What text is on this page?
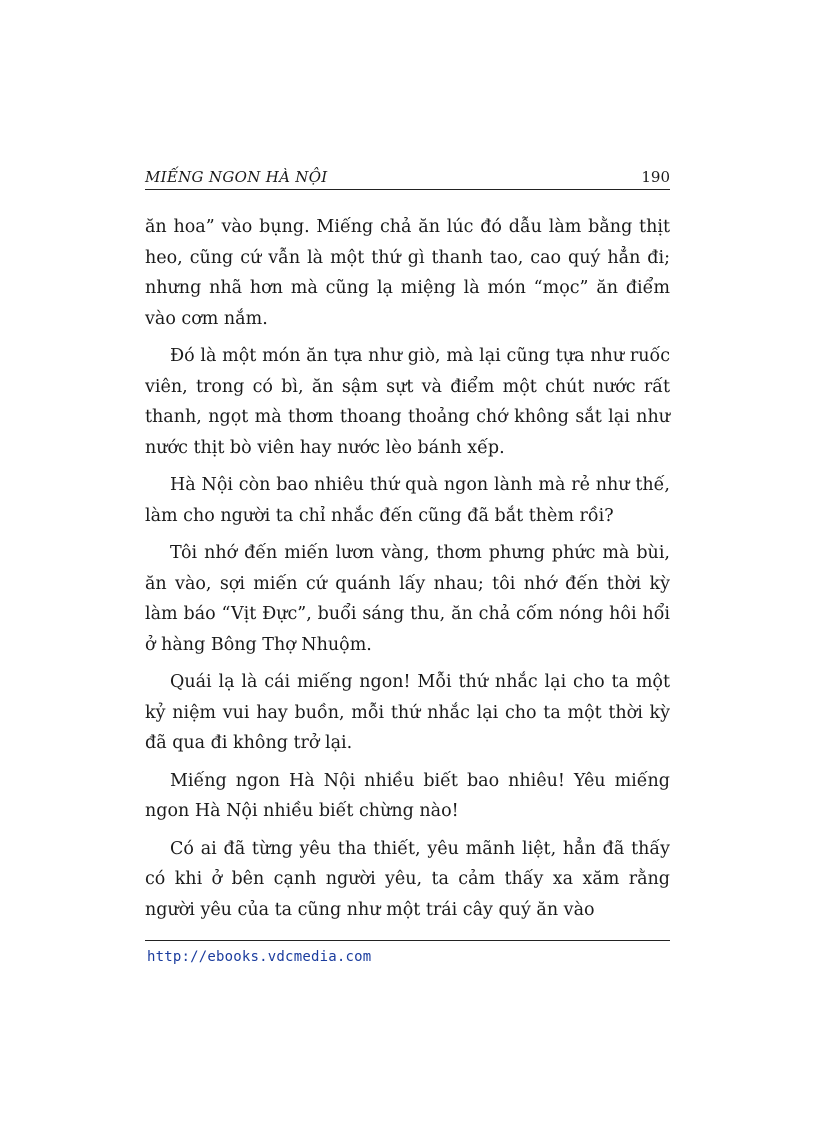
MIẾNG NGON HÀ NỘI	190

ăn hoa” vào bụng. Miếng chả ăn lúc đó dẫu làm bằng thịt heo, cũng cứ vẫn là một thứ gì thanh tao, cao quý hẳn đi; nhưng nhã hơn mà cũng lạ miệng là món “mọc” ăn điểm vào cơm nắm.

Đó là một món ăn tựa như giò, mà lại cũng tựa như ruốc viên, trong có bì, ăn sậm sựt và điểm một chút nước rất thanh, ngọt mà thơm thoang thoảng chớ không sắt lại như nước thịt bò viên hay nước lèo bánh xếp.

Hà Nội còn bao nhiêu thứ quà ngon lành mà rẻ như thế, làm cho người ta chỉ nhắc đến cũng đã bắt thèm rồi?

Tôi nhớ đến miến lươn vàng, thơm phưng phức mà bùi, ăn vào, sợi miến cứ quánh lấy nhau; tôi nhớ đến thời kỳ làm báo “Vịt Đực”, buổi sáng thu, ăn chả cốm nóng hôi hổi ở hàng Bông Thợ Nhuộm.

Quái lạ là cái miếng ngon! Mỗi thứ nhắc lại cho ta một kỷ niệm vui hay buồn, mỗi thứ nhắc lại cho ta một thời kỳ đã qua đi không trở lại.

Miếng ngon Hà Nội nhiều biết bao nhiêu! Yêu miếng ngon Hà Nội nhiều biết chừng nào!

Có ai đã từng yêu tha thiết, yêu mãnh liệt, hẳn đã thấy có khi ở bên cạnh người yêu, ta cảm thấy xa xăm rằng người yêu của ta cũng như một trái cây quý ăn vào

http://ebooks.vdcmedia.com
